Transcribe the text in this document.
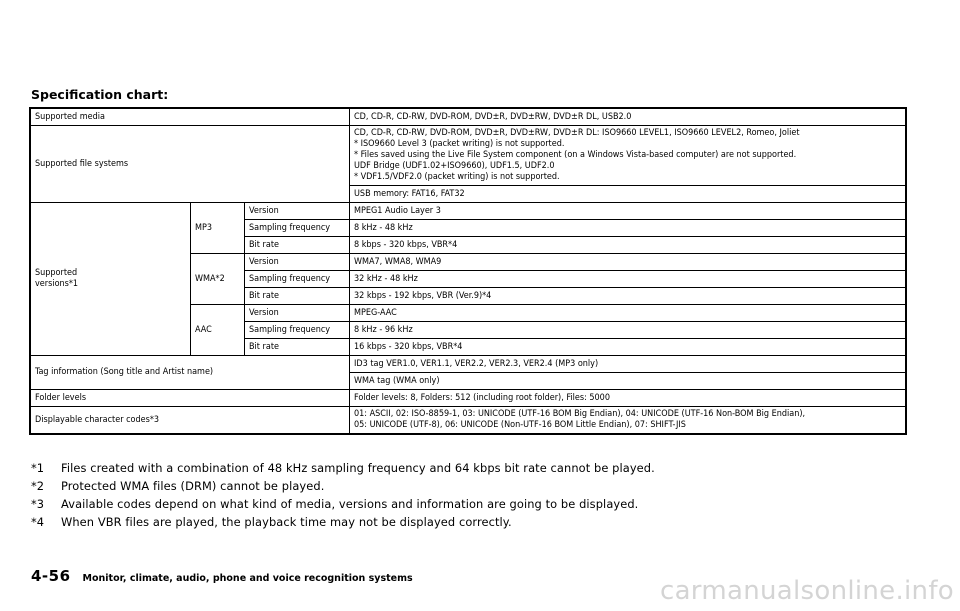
Specification chart:
Supported media			CD, CD-R, CD-RW, DVD-ROM, DVD±R, DVD±RW, DVD±R DL, USB2.0
Supported file systems			CD, CD-R, CD-RW, DVD-ROM, DVD±R, DVD±RW, DVD±R DL: ISO9660 LEVEL1, ISO9660 LEVEL2, Romeo, Joliet
* ISO9660 Level 3 (packet writing) is not supported.
* Files saved using the Live File System component (on a Windows Vista-based computer) are not supported.
UDF Bridge (UDF1.02+ISO9660), UDF1.5, UDF2.0
* VDF1.5/VDF2.0 (packet writing) is not supported.

			USB memory: FAT16, FAT32

Supported
versions*1	MP3	Version	MPEG1 Audio Layer 3
		Sampling frequency	8 kHz - 48 kHz
		Bit rate	8 kbps - 320 kbps, VBR*4
	WMA*2	Version	WMA7, WMA8, WMA9
		Sampling frequency	32 kHz - 48 kHz
		Bit rate	32 kbps - 192 kbps, VBR (Ver.9)*4
	AAC	Version	MPEG-AAC
		Sampling frequency	8 kHz - 96 kHz
		Bit rate	16 kbps - 320 kbps, VBR*4
Tag information (Song title and Artist name)			ID3 tag VER1.0, VER1.1, VER2.2, VER2.3, VER2.4 (MP3 only)
			WMA tag (WMA only)
Folder levels			Folder levels: 8, Folders: 512 (including root folder), Files: 5000
Displayable character codes*3			01: ASCII, 02: ISO-8859-1, 03: UNICODE (UTF-16 BOM Big Endian), 04: UNICODE (UTF-16 Non-BOM Big Endian),
05: UNICODE (UTF-8), 06: UNICODE (Non-UTF-16 BOM Little Endian), 07: SHIFT-JIS
*1	Files created with a combination of 48 kHz sampling frequency and 64 kbps bit rate cannot be played.
*2	Protected WMA files (DRM) cannot be played.
*3	Available codes depend on what kind of media, versions and information are going to be displayed.
*4	When VBR files are played, the playback time may not be displayed correctly.
4-56 Monitor, climate, audio, phone and voice recognition systems	carmanualsonline.info
